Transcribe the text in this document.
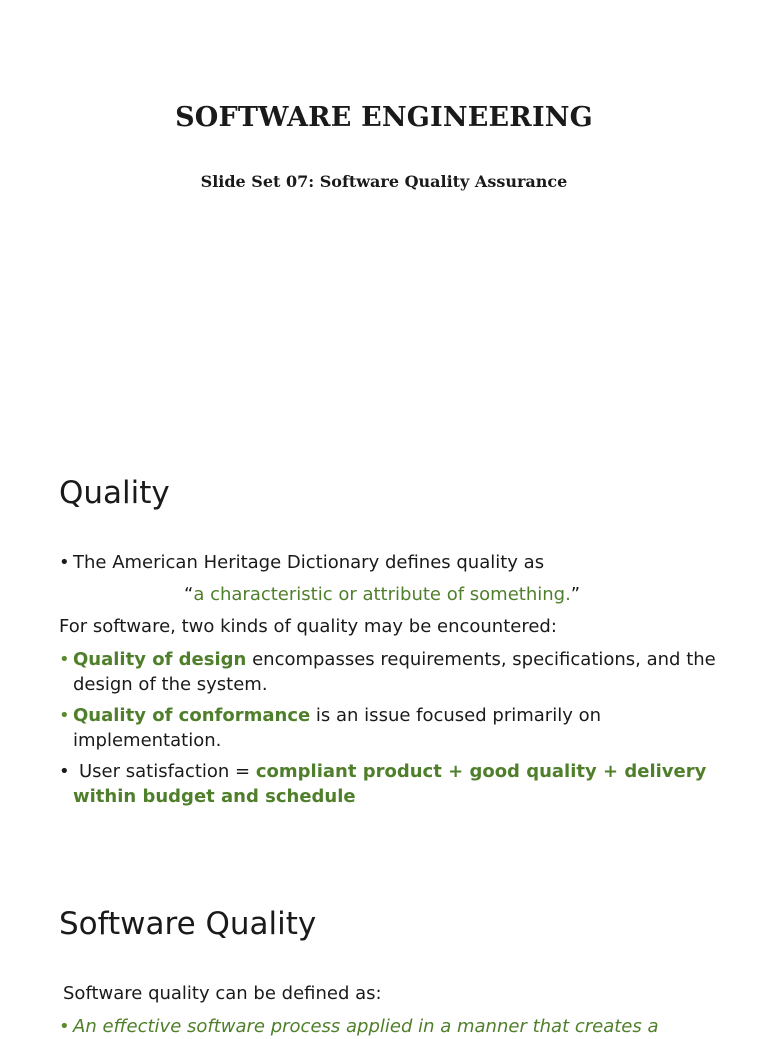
SOFTWARE ENGINEERING
Slide Set 07: Software Quality Assurance
Quality
• The American Heritage Dictionary defines quality as
“a characteristic or attribute of something.”
For software, two kinds of quality may be encountered:
• Quality of design encompasses requirements, specifications, and the
design of the system.
• Quality of conformance is an issue focused primarily on
implementation.
• User satisfaction = compliant product + good quality + delivery
within budget and schedule
Software Quality
Software quality can be defined as:
• An effective software process applied in a manner that creates a
